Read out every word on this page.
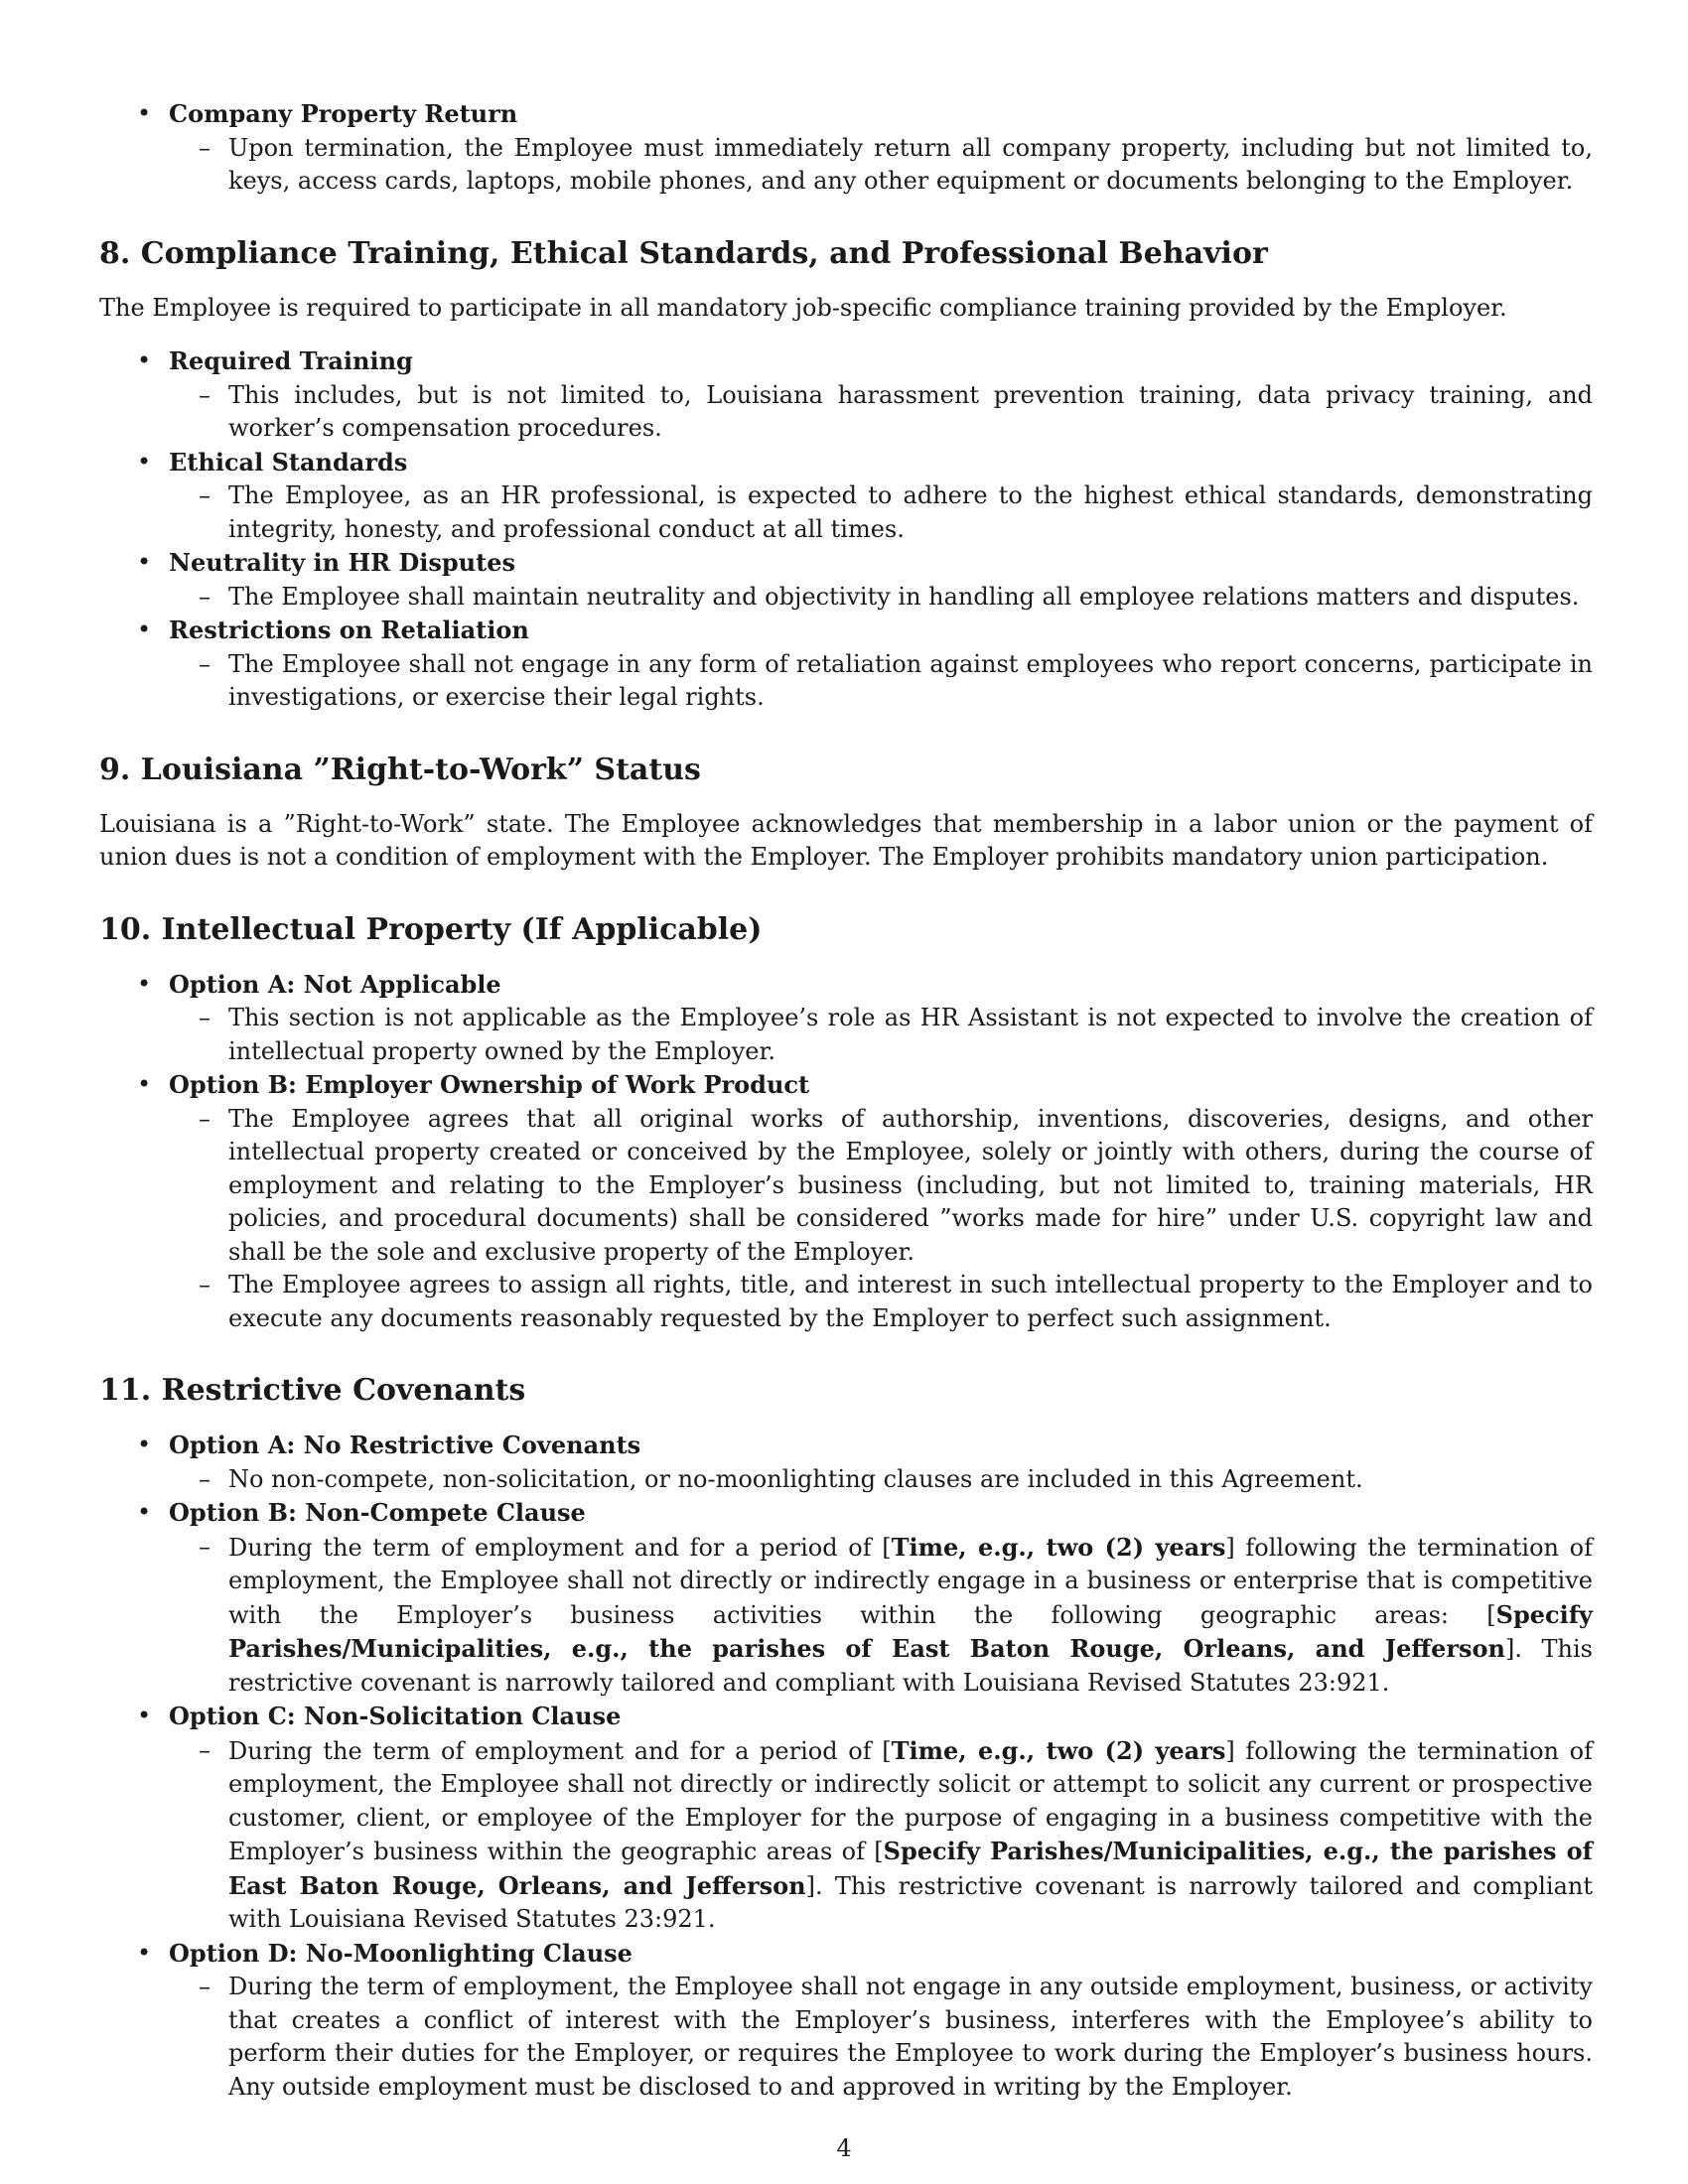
• Company Property Return
– Upon termination, the Employee must immediately return all company property, including but not limited to, keys, access cards, laptops, mobile phones, and any other equipment or documents belonging to the Employer.
8. Compliance Training, Ethical Standards, and Professional Behavior

The Employee is required to participate in all mandatory job-specific compliance training provided by the Employer.

• Required Training
– This includes, but is not limited to, Louisiana harassment prevention training, data privacy training, and worker’s compensation procedures.
• Ethical Standards
– The Employee, as an HR professional, is expected to adhere to the highest ethical standards, demonstrating integrity, honesty, and professional conduct at all times.
• Neutrality in HR Disputes
– The Employee shall maintain neutrality and objectivity in handling all employee relations matters and disputes.
• Restrictions on Retaliation
– The Employee shall not engage in any form of retaliation against employees who report concerns, participate in investigations, or exercise their legal rights.
9. Louisiana ”Right-to-Work” Status

Louisiana is a ”Right-to-Work” state. The Employee acknowledges that membership in a labor union or the payment of union dues is not a condition of employment with the Employer. The Employer prohibits mandatory union participation.

10. Intellectual Property (If Applicable)
• Option A: Not Applicable
– This section is not applicable as the Employee’s role as HR Assistant is not expected to involve the creation of intellectual property owned by the Employer.
• Option B: Employer Ownership of Work Product
– The Employee agrees that all original works of authorship, inventions, discoveries, designs, and other intellectual property created or conceived by the Employee, solely or jointly with others, during the course of employment and relating to the Employer’s business (including, but not limited to, training materials, HR policies, and procedural documents) shall be considered ”works made for hire” under U.S. copyright law and shall be the sole and exclusive property of the Employer.
– The Employee agrees to assign all rights, title, and interest in such intellectual property to the Employer and to execute any documents reasonably requested by the Employer to perfect such assignment.
11. Restrictive Covenants
• Option A: No Restrictive Covenants
– No non-compete, non-solicitation, or no-moonlighting clauses are included in this Agreement.
• Option B: Non-Compete Clause
– During the term of employment and for a period of [Time, e.g., two (2) years] following the termination of employment, the Employee shall not directly or indirectly engage in a business or enterprise that is competitive with the Employer’s business activities within the following geographic areas: [Specify Parishes/Municipalities, e.g., the parishes of East Baton Rouge, Orleans, and Jefferson]. This restrictive covenant is narrowly tailored and compliant with Louisiana Revised Statutes 23:921.
• Option C: Non-Solicitation Clause
– During the term of employment and for a period of [Time, e.g., two (2) years] following the termination of employment, the Employee shall not directly or indirectly solicit or attempt to solicit any current or prospective customer, client, or employee of the Employer for the purpose of engaging in a business competitive with the Employer’s business within the geographic areas of [Specify Parishes/Municipalities, e.g., the parishes of East Baton Rouge, Orleans, and Jefferson]. This restrictive covenant is narrowly tailored and compliant with Louisiana Revised Statutes 23:921.
• Option D: No-Moonlighting Clause
– During the term of employment, the Employee shall not engage in any outside employment, business, or activity that creates a conflict of interest with the Employer’s business, interferes with the Employee’s ability to perform their duties for the Employer, or requires the Employee to work during the Employer’s business hours. Any outside employment must be disclosed to and approved in writing by the Employer.
4
